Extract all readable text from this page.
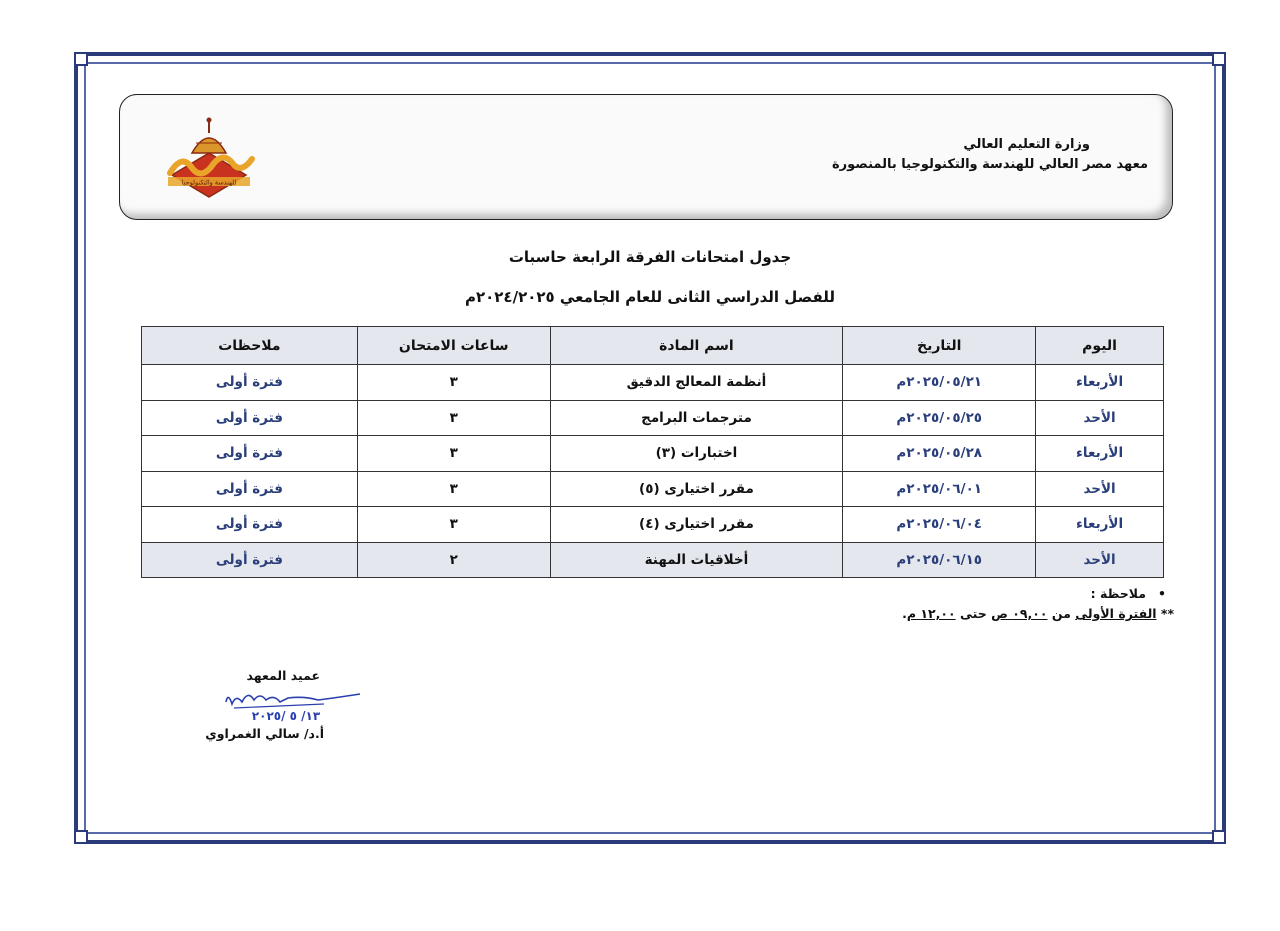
وزارة التعليم العالي
معهد مصر العالي للهندسة والتكنولوجيا بالمنصورة
للهندسة والتكنولوجيا
جدول امتحانات الفرقة الرابعة حاسبات
للفصل الدراسي الثانى للعام الجامعي ٢٠٢٤/٢٠٢٥م
اليوم	التاريخ	اسم المادة	ساعات الامتحان	ملاحظات
الأربعاء	٢٠٢٥/٠٥/٢١م	أنظمة المعالج الدقيق	٣	فترة أولى
الأحد	٢٠٢٥/٠٥/٢٥م	مترجمات البرامج	٣	فترة أولى
الأربعاء	٢٠٢٥/٠٥/٢٨م	اختبارات (٣)	٣	فترة أولى
الأحد	٢٠٢٥/٠٦/٠١م	مقرر اختيارى (٥)	٣	فترة أولى
الأربعاء	٢٠٢٥/٠٦/٠٤م	مقرر اختيارى (٤)	٣	فترة أولى
الأحد	٢٠٢٥/٠٦/١٥م	أخلاقيات المهنة	٢	فترة أولى
• ملاحظة :
** الفترة الأولى من ٠٩,٠٠ ص حتى ١٢,٠٠ م.
عميد المعهد
١٣/ ٥ /٢٠٢٥
أ.د/ سالي الغمراوي
